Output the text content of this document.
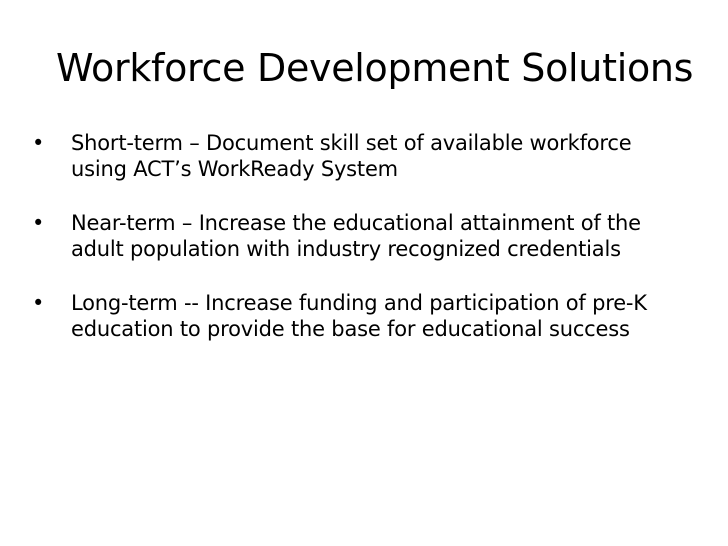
Workforce Development Solutions
•	Short-term – Document skill set of available workforce using ACT’s WorkReady System
•	Near-term – Increase the educational attainment of the adult population with industry recognized credentials
•	Long-term -- Increase funding and participation of pre-K education to provide the base for educational success
